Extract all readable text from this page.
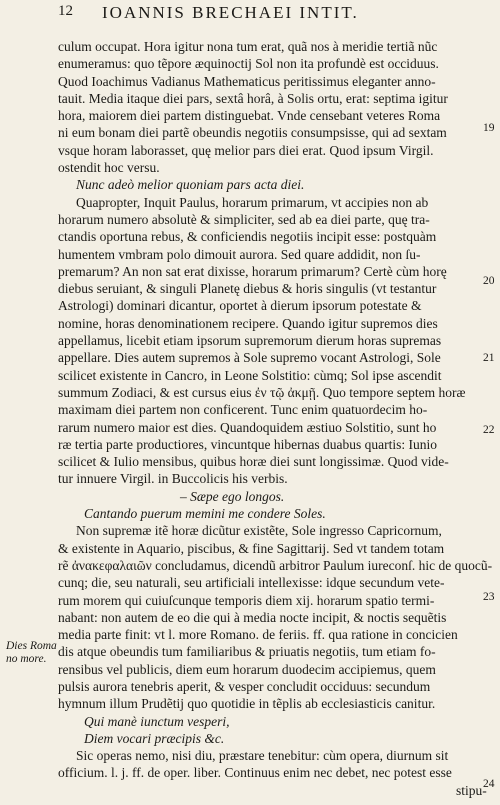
12 IOANNIS BRECHAEI INTIT.
culum occupat. Hora igitur nona tum erat, quã nos à meridie tertiã nũc
enumeramus: quo tẽpore æquinoctij Sol non ita profundè est occiduus.
Quod Ioachimus Vadianus Mathematicus peritissimus eleganter anno-
tauit. Media itaque diei pars, sextâ horâ, à Solis ortu, erat: septima igitur
hora, maiorem diei partem distinguebat. Vnde censebant veteres Roma
ni eum bonam diei partẽ obeundis negotiis consumpsisse, qui ad sextam
vsque horam laborasset, quę melior pars diei erat. Quod ipsum Virgil.
ostendit hoc versu.
Nunc adeò melior quoniam pars acta diei.
Quapropter, Inquit Paulus, horarum primarum, vt accipies non ab
horarum numero absolutè & simpliciter, sed ab ea diei parte, quę tra-
ctandis oportuna rebus, & conficiendis negotiis incipit esse: postquàm
humentem vmbram polo dimouit aurora. Sed quare addidit, non ſu-
premarum? An non sat erat dixisse, horarum primarum? Certè cùm horę
diebus seruiant, & singuli Planetę diebus & horis singulis (vt testantur
Astrologi) dominari dicantur, oportet à dierum ipsorum potestate &
nomine, horas denominationem recipere. Quando igitur supremos dies
appellamus, licebit etiam ipsorum supremorum dierum horas supremas
appellare. Dies autem supremos à Sole supremo vocant Astrologi, Sole
scilicet existente in Cancro, in Leone Solstitio: cùmq; Sol ipse ascendit
summum Zodiaci, & est cursus eius ἐν τῷ ἀκμῇ. Quo tempore septem horæ
maximam diei partem non conficerent. Tunc enim quatuordecim ho-
rarum numero maior est dies. Quandoquidem æstiuo Solstitio, sunt ho
ræ tertia parte productiores, vincuntque hibernas duabus quartis: Iunio
scilicet & Iulio mensibus, quibus horæ diei sunt longissimæ. Quod vide-
tur innuere Virgil. in Buccolicis his verbis.
– Sæpe ego longos.
Cantando puerum memini me condere Soles.
Non supremæ itẽ horæ dicũtur existẽte, Sole ingresso Capricornum,
& existente in Aquario, piscibus, & fine Sagittarij. Sed vt tandem totam
rẽ ἀνακεφαλαιῶν concludamus, dicendũ arbitror Paulum iureconſ. hic de quocũ-
cunq; die, seu naturali, seu artificiali intellexisse: idque secundum vete-
rum morem qui cuiuſcunque temporis diem xij. horarum spatio termi-
nabant: non autem de eo die qui à media nocte incipit, & noctis sequẽtis
media parte finit: vt l. more Romano. de feriis. ff. qua ratione in concicien
dis atque obeundis tum familiaribus & priuatis negotiis, tum etiam fo-
rensibus vel publicis, diem eum horarum duodecim accipiemus, quem
pulsis aurora tenebris aperit, & vesper concludit occiduus: secundum
hymnum illum Prudẽtij quo quotidie in tẽplis ab ecclesiasticis canitur.
Qui manè iunctum vesperi,
Diem vocari præcipis &c.
Sic operas nemo, nisi diu, præstare tenebitur: cùm opera, diurnum sit
officium. l. j. ff. de oper. liber. Continuus enim nec debet, nec potest esse
stipu-
19
20
21
22
23
24
Dies Roma
no more.
